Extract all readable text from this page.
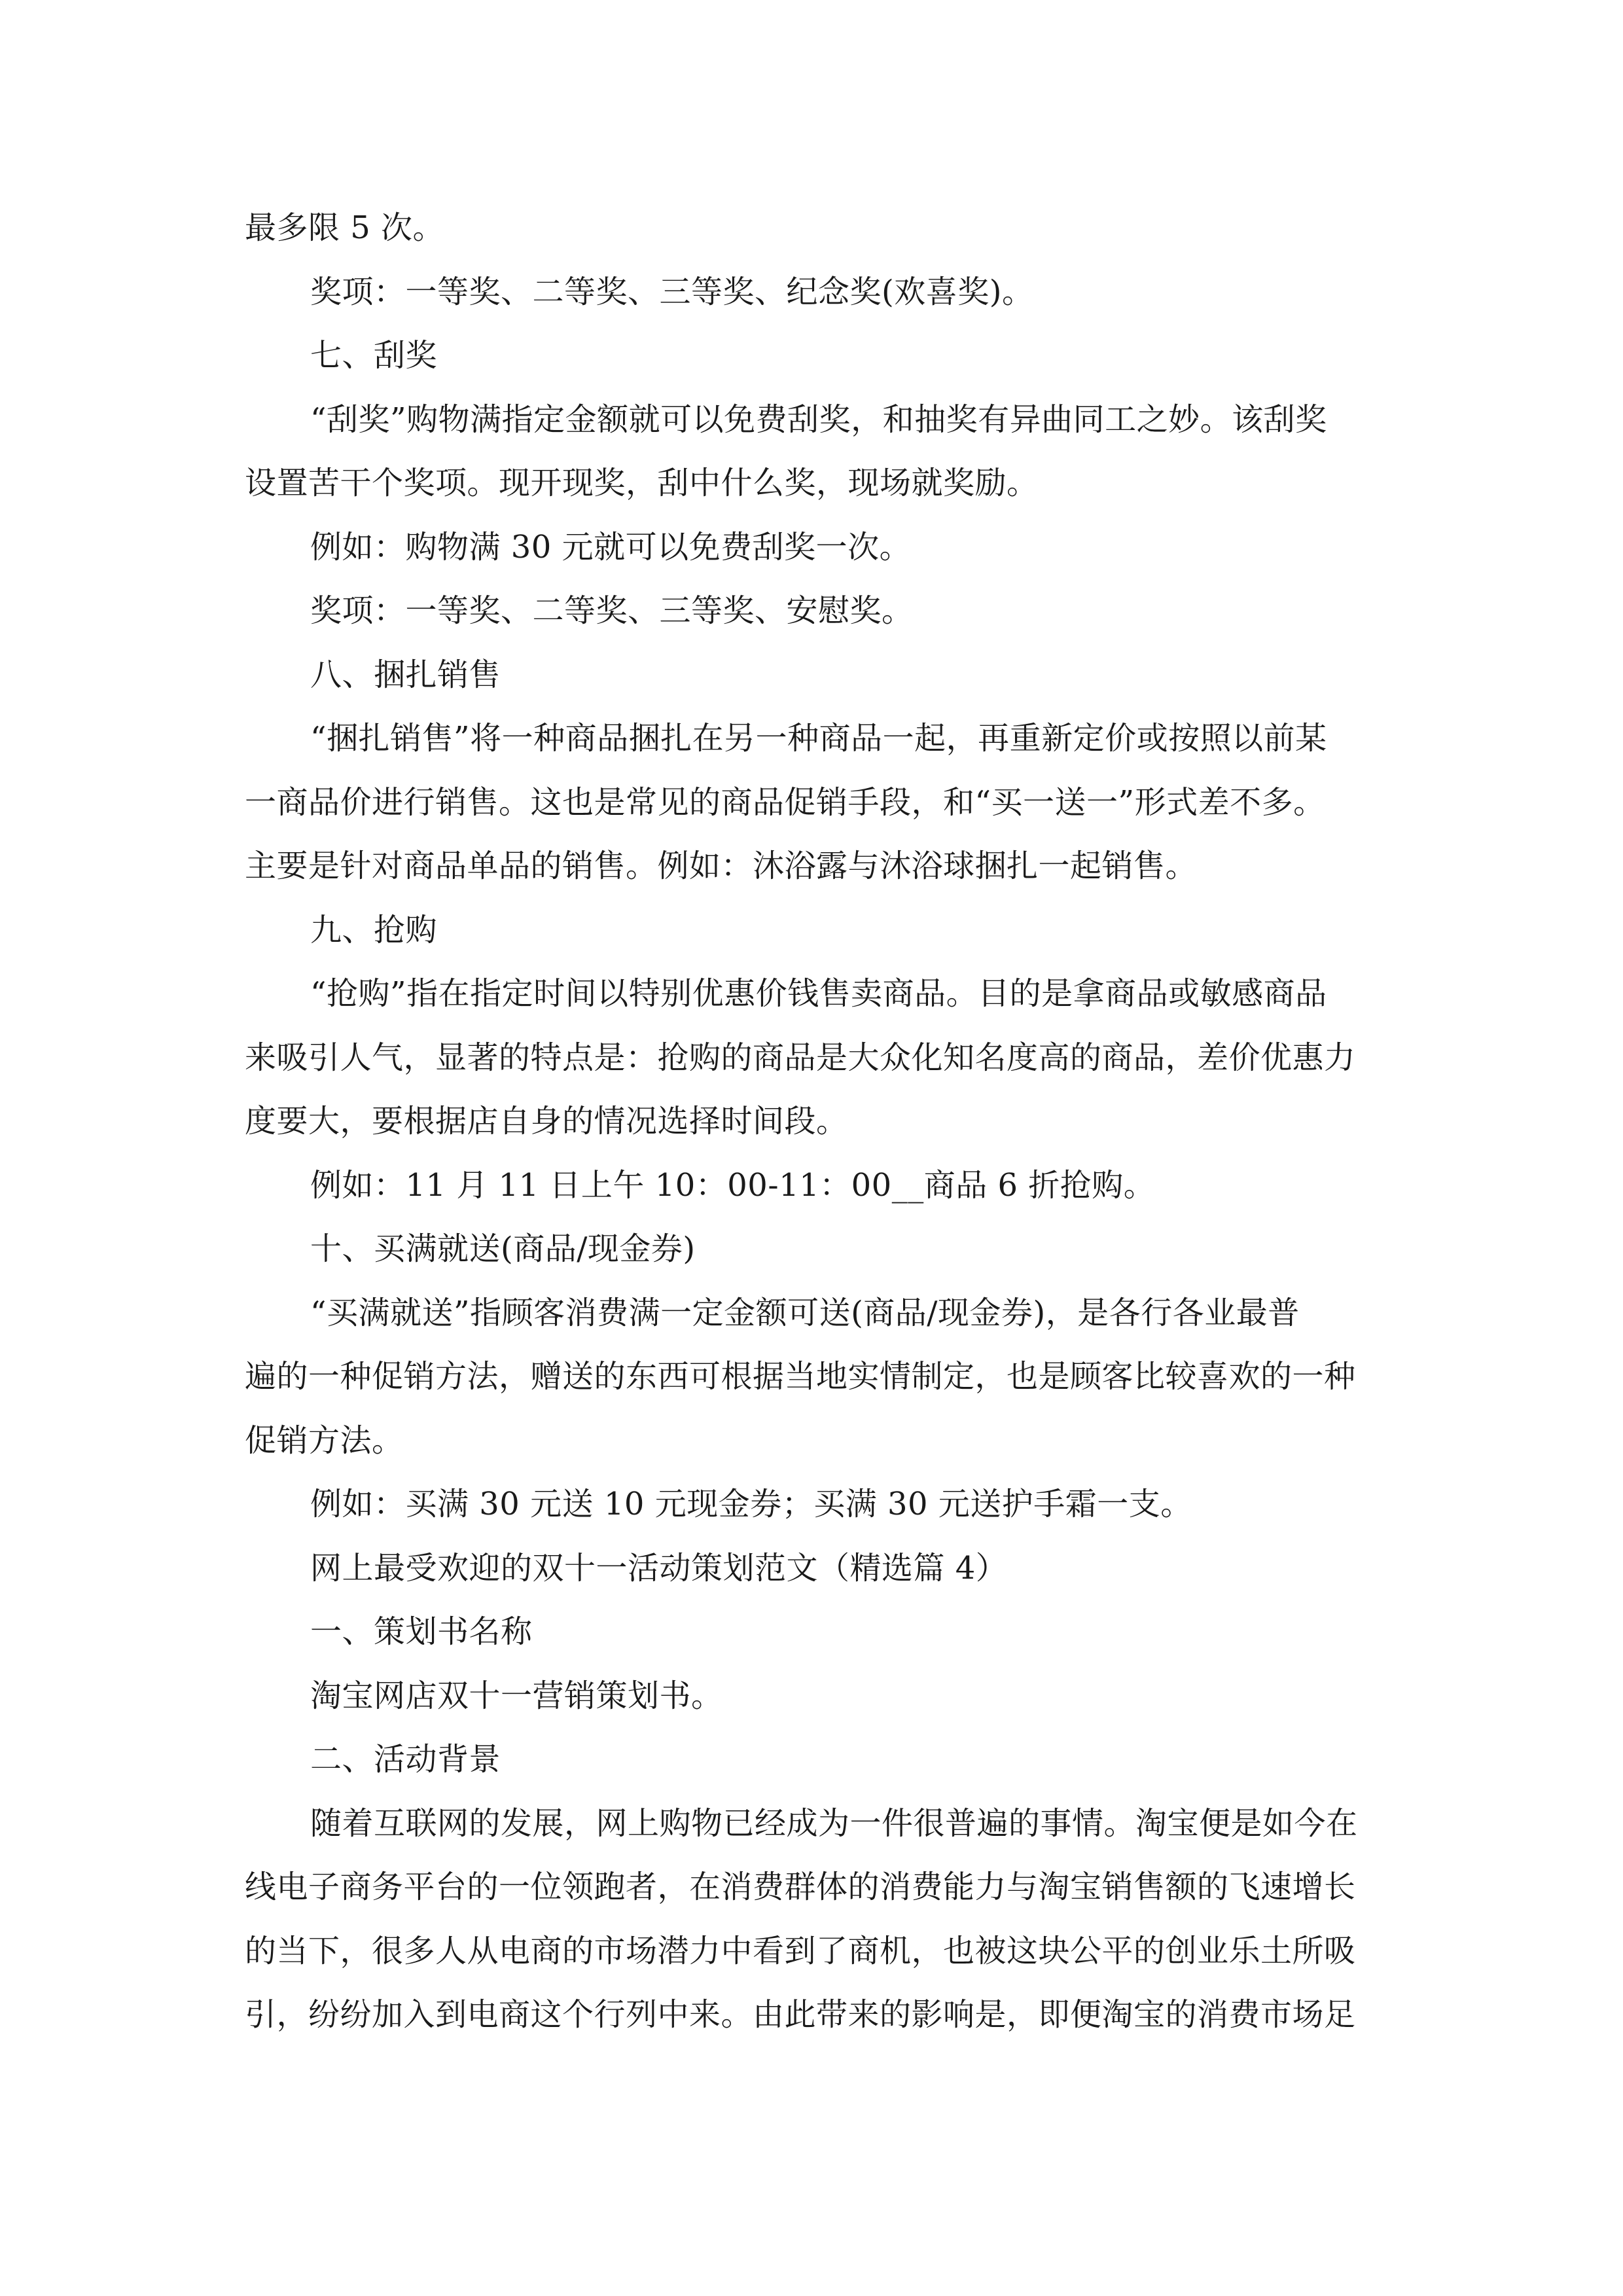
最多限 5 次。
奖项：一等奖、二等奖、三等奖、纪念奖(欢喜奖)。
七、刮奖
“刮奖”购物满指定金额就可以免费刮奖，和抽奖有异曲同工之妙。该刮奖
设置苦干个奖项。现开现奖，刮中什么奖，现场就奖励。
例如：购物满 30 元就可以免费刮奖一次。
奖项：一等奖、二等奖、三等奖、安慰奖。
八、捆扎销售
“捆扎销售”将一种商品捆扎在另一种商品一起，再重新定价或按照以前某
一商品价进行销售。这也是常见的商品促销手段，和“买一送一”形式差不多。
主要是针对商品单品的销售。例如：沐浴露与沐浴球捆扎一起销售。
九、抢购
“抢购”指在指定时间以特别优惠价钱售卖商品。目的是拿商品或敏感商品
来吸引人气，显著的特点是：抢购的商品是大众化知名度高的商品，差价优惠力
度要大，要根据店自身的情况选择时间段。
例如：11 月 11 日上午 10：00-11：00__商品 6 折抢购。
十、买满就送(商品/现金券)
“买满就送”指顾客消费满一定金额可送(商品/现金券)，是各行各业最普
遍的一种促销方法，赠送的东西可根据当地实情制定，也是顾客比较喜欢的一种
促销方法。
例如：买满 30 元送 10 元现金券；买满 30 元送护手霜一支。
网上最受欢迎的双十一活动策划范文（精选篇 4）
一、策划书名称
淘宝网店双十一营销策划书。
二、活动背景
随着互联网的发展，网上购物已经成为一件很普遍的事情。淘宝便是如今在
线电子商务平台的一位领跑者，在消费群体的消费能力与淘宝销售额的飞速增长
的当下，很多人从电商的市场潜力中看到了商机，也被这块公平的创业乐土所吸
引，纷纷加入到电商这个行列中来。由此带来的影响是，即便淘宝的消费市场足
